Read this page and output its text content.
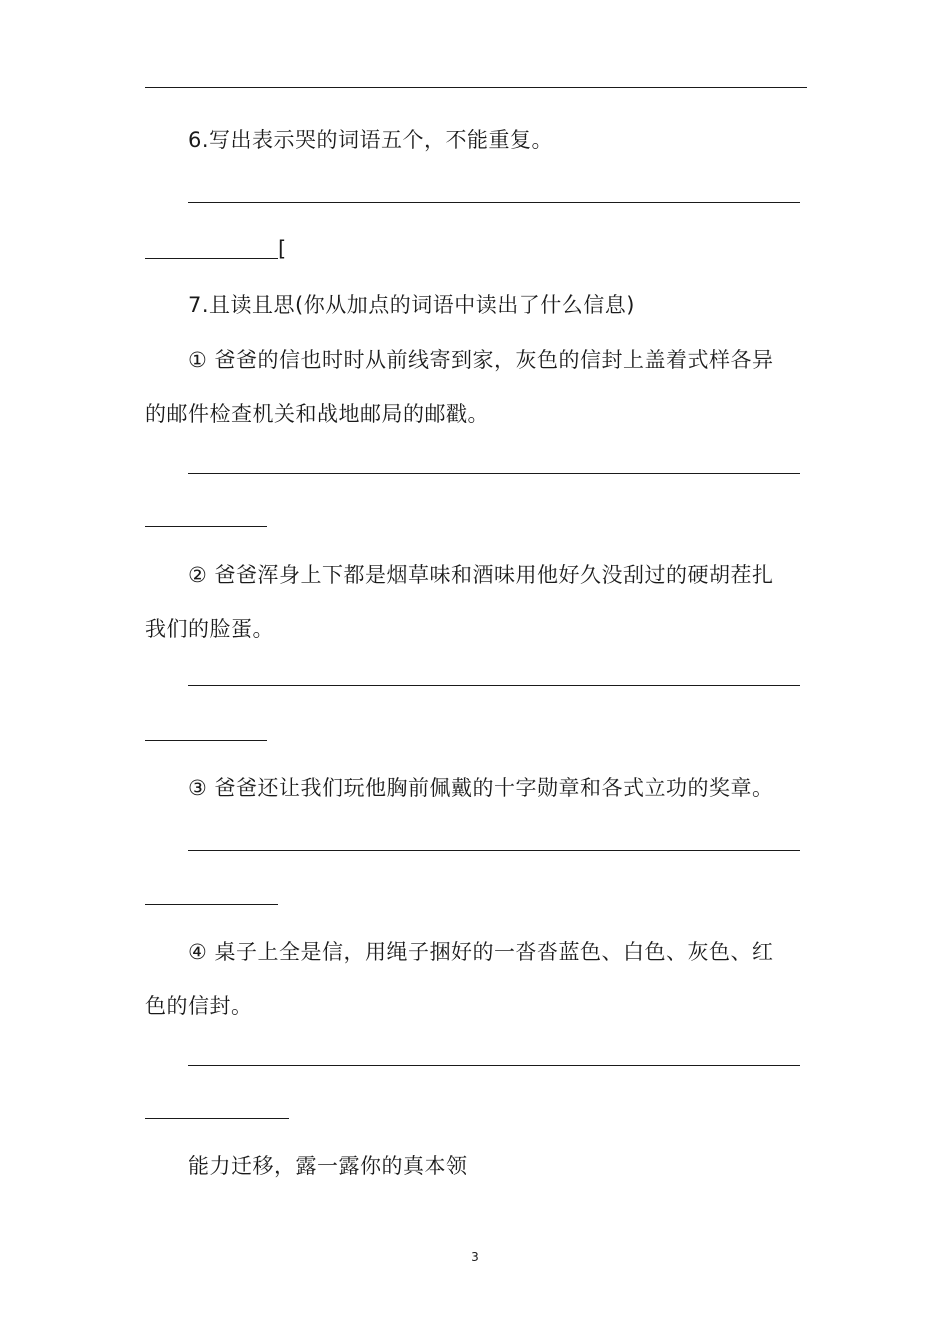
6.写出表示哭的词语五个，不能重复。
[
7.且读且思(你从加点的词语中读出了什么信息)
① 爸爸的信也时时从前线寄到家，灰色的信封上盖着式样各异
的邮件检查机关和战地邮局的邮戳。
② 爸爸浑身上下都是烟草味和酒味用他好久没刮过的硬胡茬扎
我们的脸蛋。
③ 爸爸还让我们玩他胸前佩戴的十字勋章和各式立功的奖章。
④ 桌子上全是信，用绳子捆好的一沓沓蓝色、白色、灰色、红
色的信封。
能力迁移，露一露你的真本领
3
